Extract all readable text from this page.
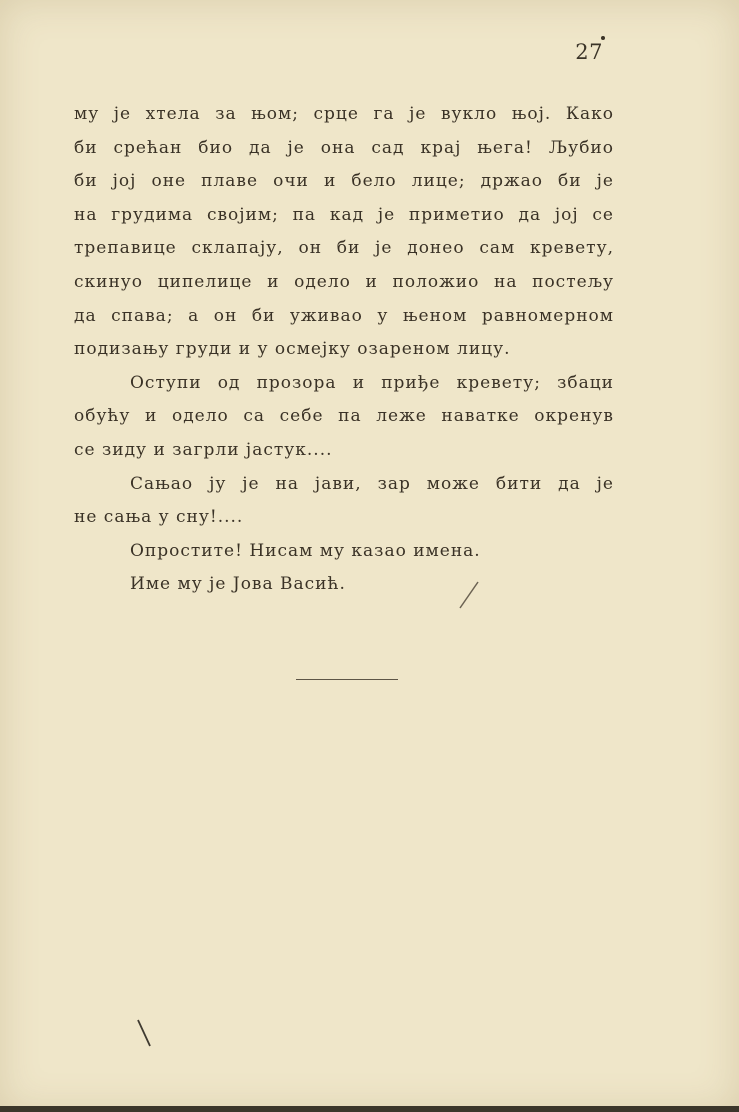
27
му је хтела за њом; срце га је вукло њој. Како
би срећан био да је она сад крај њега! Љубио
би јој оне плаве очи и бело лице; држао би је
на грудима својим; па кад је приметио да јој се
трепавице склапају, он би је донео сам кревету,
скинуо ципелице и одело и положио на постељу
да спава; а он би уживао у њеном равномерном
подизању груди и у осмејку озареном лицу.
Оступи од прозора и приђе кревету; збаци
обућу и одело са себе па леже наватке окренув
се зиду и загрли јастук....
Сањао ју је на јави, зар може бити да је
не сања у сну!....
Опростите! Нисам му казао имена.
Име му је Јова Васић.
